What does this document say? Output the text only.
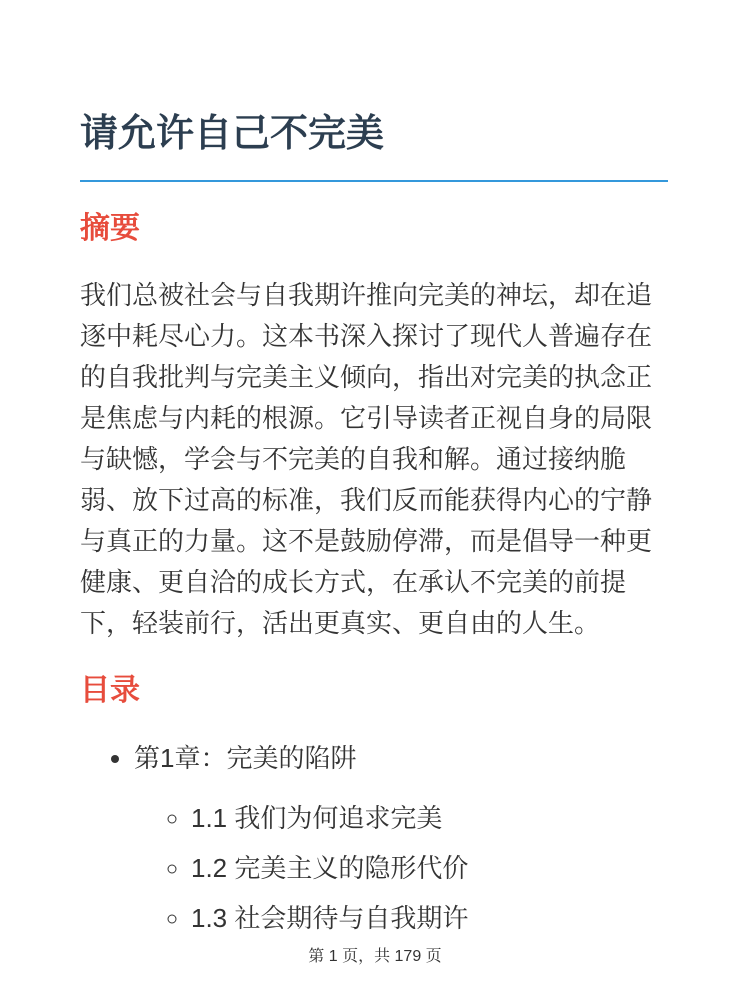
请允许自己不完美
摘要

我们总被社会与自我期许推向完美的神坛，却在追逐中耗尽心力。这本书深入探讨了现代人普遍存在的自我批判与完美主义倾向，指出对完美的执念正是焦虑与内耗的根源。它引导读者正视自身的局限与缺憾，学会与不完美的自我和解。通过接纳脆弱、放下过高的标准，我们反而能获得内心的宁静与真正的力量。这不是鼓励停滞，而是倡导一种更健康、更自洽的成长方式，在承认不完美的前提下，轻装前行，活出更真实、更自由的人生。

目录
• 第1章：完美的陷阱
◦ 1.1 我们为何追求完美
◦ 1.2 完美主义的隐形代价
◦ 1.3 社会期待与自我期许
第 1 页，共 179 页
